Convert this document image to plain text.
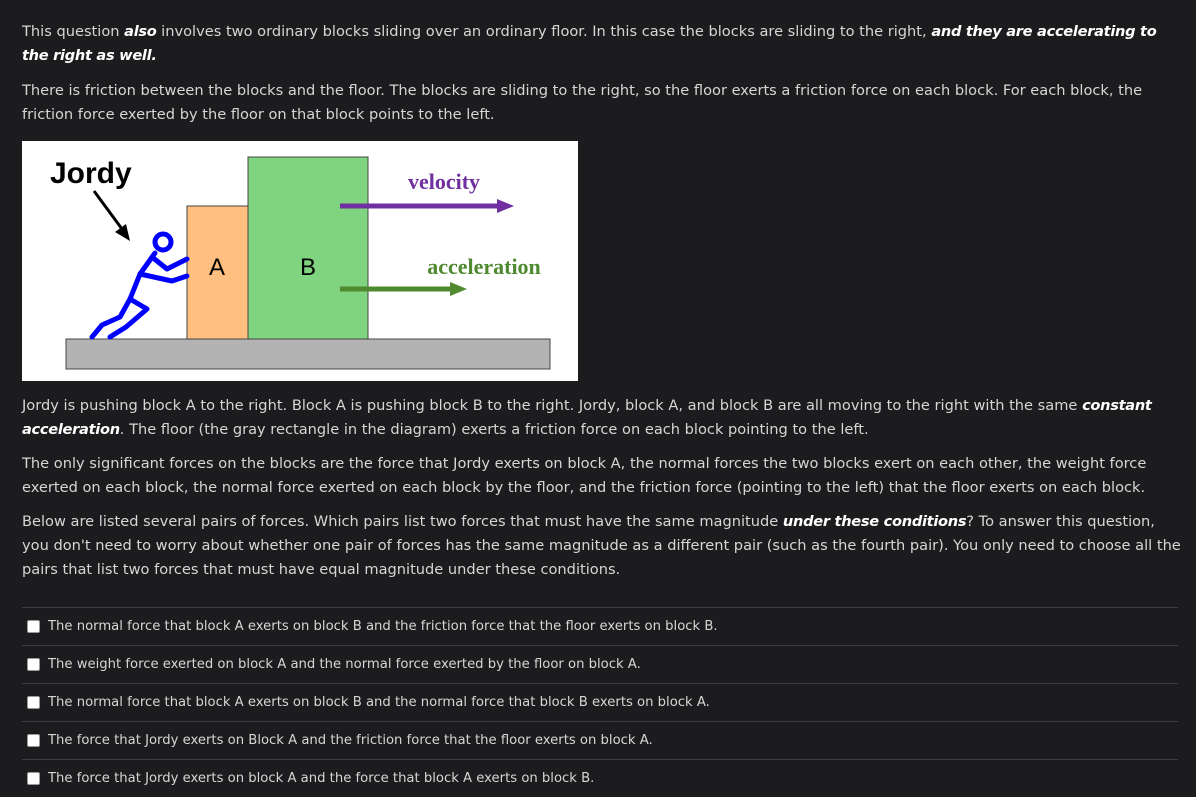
This question also involves two ordinary blocks sliding over an ordinary floor. In this case the blocks are sliding to the right, and they are accelerating to the right as well.

There is friction between the blocks and the floor. The blocks are sliding to the right, so the floor exerts a friction force on each block. For each block, the friction force exerted by the floor on that block points to the left.

A	B
Jordy	velocity
acceleration

Jordy is pushing block A to the right. Block A is pushing block B to the right. Jordy, block A, and block B are all moving to the right with the same constant acceleration. The floor (the gray rectangle in the diagram) exerts a friction force on each block pointing to the left.

The only significant forces on the blocks are the force that Jordy exerts on block A, the normal forces the two blocks exert on each other, the weight force exerted on each block, the normal force exerted on each block by the floor, and the friction force (pointing to the left) that the floor exerts on each block.

Below are listed several pairs of forces. Which pairs list two forces that must have the same magnitude under these conditions? To answer this question, you don't need to worry about whether one pair of forces has the same magnitude as a different pair (such as the fourth pair). You only need to choose all the pairs that list two forces that must have equal magnitude under these conditions.

The normal force that block A exerts on block B and the friction force that the floor exerts on block B.
The weight force exerted on block A and the normal force exerted by the floor on block A.
The normal force that block A exerts on block B and the normal force that block B exerts on block A.
The force that Jordy exerts on Block A and the friction force that the floor exerts on block A.
The force that Jordy exerts on block A and the force that block A exerts on block B.
